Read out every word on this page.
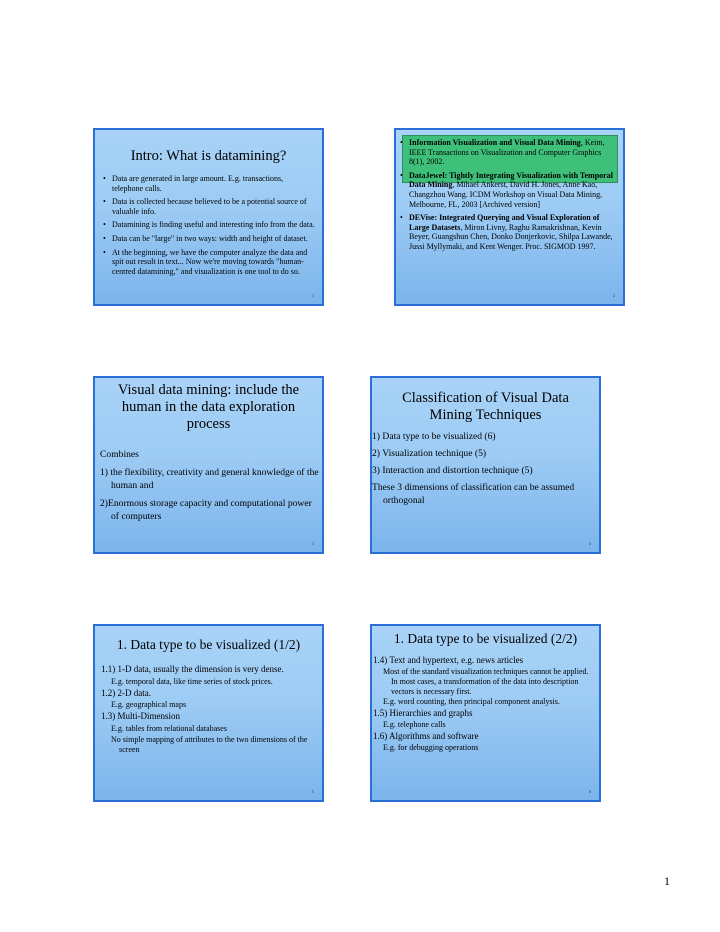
Intro: What is datamining?
• Data are generated in large amount. E.g. transactions, telephone calls.
• Data is collected because believed to be a potential source of valuable info.
• Datamining is finding useful and interesting info from the data.
• Data can be "large" in two ways: width and height of dataset.
• At the beginning, we have the computer analyze the data and spit out result in text... Now we're moving towards "human-centred datamining," and visualization is one tool to do so.
1
• Information Visualization and Visual Data Mining, Keim, IEEE Transactions on Visualization and Computer Graphics 8(1), 2002.
• DataJewel: Tightly Integrating Visualization with Temporal Data Mining, Mihael Ankerst, David H. Jones, Anne Kao, Changzhou Wang. ICDM Workshop on Visual Data Mining, Melbourne, FL, 2003 [Archived version]
• DEVise: Integrated Querying and Visual Exploration of Large Datasets, Miron Livny, Raghu Ramakrishnan, Kevin Beyer, Guangshun Chen, Donko Donjerkovic, Shilpa Lawande, Jussi Myllymaki, and Kent Wenger. Proc. SIGMOD 1997.
2
Visual data mining: include the human in the data exploration process

Combines

1) the flexibility, creativity and general knowledge of the human and

2)Enormous storage capacity and computational power of computers

3
Classification of Visual Data Mining Techniques

1) Data type to be visualized (6)

2) Visualization technique (5)

3) Interaction and distortion technique (5)

These 3 dimensions of classification can be assumed orthogonal

4
1. Data type to be visualized (1/2)

1.1) 1-D data, usually the dimension is very dense.

E.g. temporal data, like time series of stock prices.

1.2) 2-D data.

E.g. geographical maps

1.3) Multi-Dimension

E.g. tables from relational databases

No simple mapping of attributes to the two dimensions of the screen

5
1. Data type to be visualized (2/2)

1.4) Text and hypertext, e.g. news articles

Most of the standard visualization techniques cannot be applied. In most cases, a transformation of the data into description vectors is necessary first.

E.g. word counting, then principal component analysis.

1.5) Hierarchies and graphs

E.g. telephone calls

1.6) Algorithms and software

E.g. for debugging operations

6
1
